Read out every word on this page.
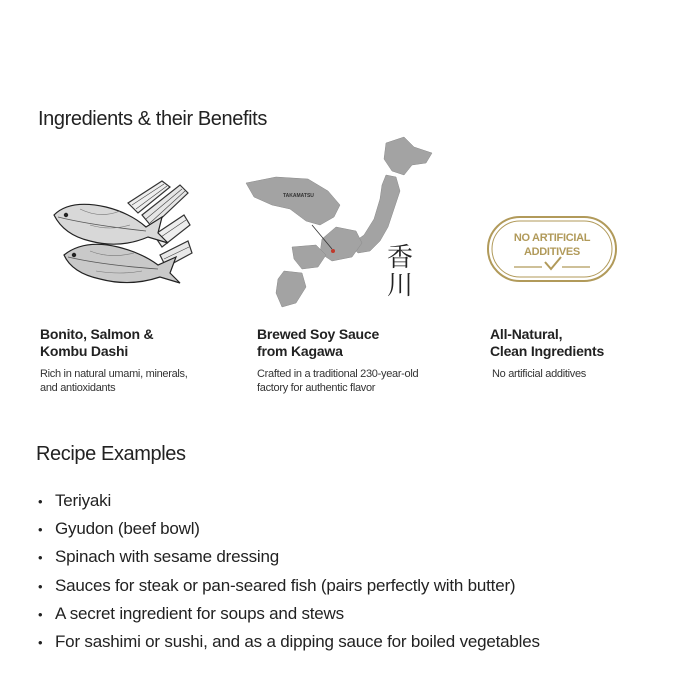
Ingredients & their Benefits
TAKAMATSU
香
川
NO ARTIFICIAL
ADDITIVES
Bonito, Salmon &
Kombu Dashi
Rich in natural umami, minerals,
and antioxidants
Brewed Soy Sauce
from Kagawa
Crafted in a traditional 230-year-old
factory for authentic flavor
All-Natural,
Clean Ingredients
No artificial additives
Recipe Examples
• Teriyaki
• Gyudon (beef bowl)
• Spinach with sesame dressing
• Sauces for steak or pan-seared fish (pairs perfectly with butter)
• A secret ingredient for soups and stews
• For sashimi or sushi, and as a dipping sauce for boiled vegetables
